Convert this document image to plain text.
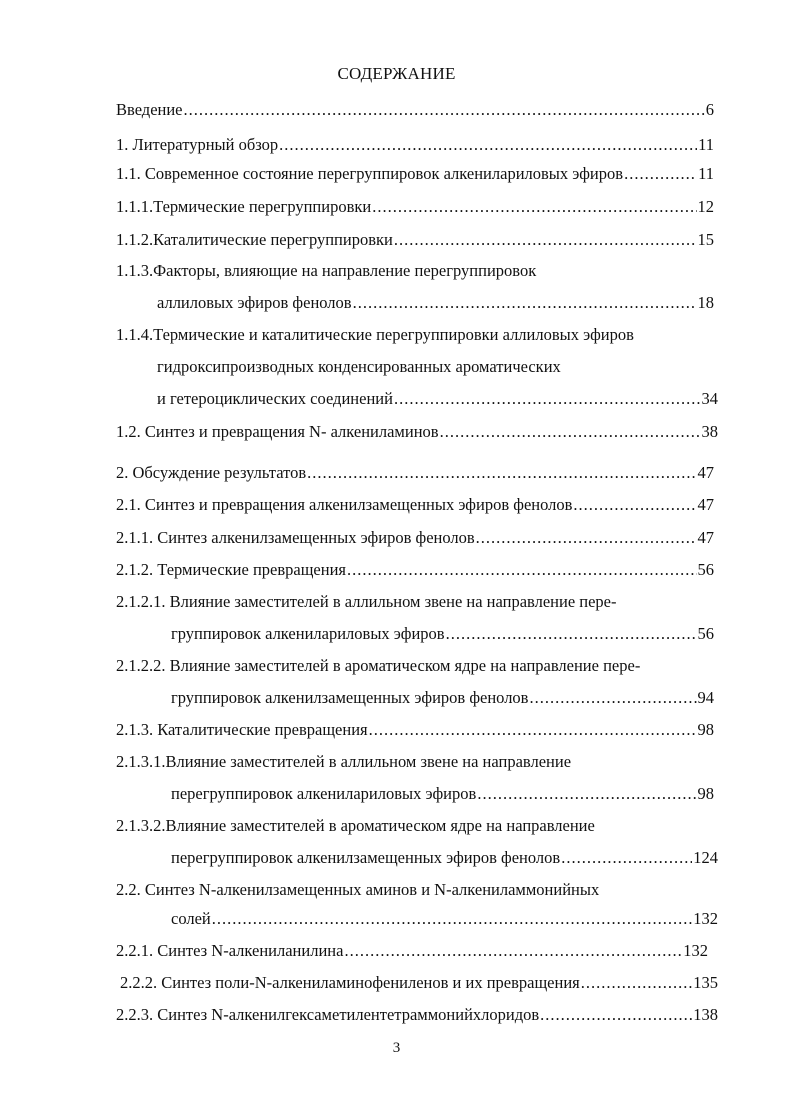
СОДЕРЖАНИЕ
Введение .....	6
1. Литературный обзор .....	11
1.1. Современное состояние перегруппировок алкенилариловых эфиров .....	11
1.1.1.Термические перегруппировки .....	12
1.1.2.Каталитические перегруппировки .....	15
1.1.3.Факторы, влияющие на направление перегруппировок
аллиловых эфиров фенолов .....	18
1.1.4.Термические и каталитические перегруппировки аллиловых эфиров
гидроксипроизводных конденсированных ароматических
и гетероциклических соединений .....	34
1.2. Синтез и превращения N- алкениламинов .....	38
2. Обсуждение результатов .....	47
2.1. Синтез и превращения алкенилзамещенных эфиров фенолов .....	47
2.1.1. Синтез алкенилзамещенных эфиров фенолов .....	47
2.1.2. Термические превращения .....	56
2.1.2.1. Влияние заместителей в аллильном звене на направление пере-
группировок алкенилариловых эфиров .....	56
2.1.2.2. Влияние заместителей в ароматическом ядре на направление пере-
группировок алкенилзамещенных эфиров фенолов .....	94
2.1.3. Каталитические превращения .....	98
2.1.3.1.Влияние заместителей в аллильном звене на направление
перегруппировок алкенилариловых эфиров .....	98
2.1.3.2.Влияние заместителей в ароматическом ядре на направление
перегруппировок алкенилзамещенных эфиров фенолов .....	124
2.2. Синтез N-алкенилзамещенных аминов и N-алкениламмонийных
солей .....	132
2.2.1. Синтез N-алкениланилина .....	132
2.2.2. Синтез поли-N-алкениламинофениленов и их превращения .....	135
2.2.3. Синтез N-алкенилгексаметилентетраммонийхлоридов .....	138
3
